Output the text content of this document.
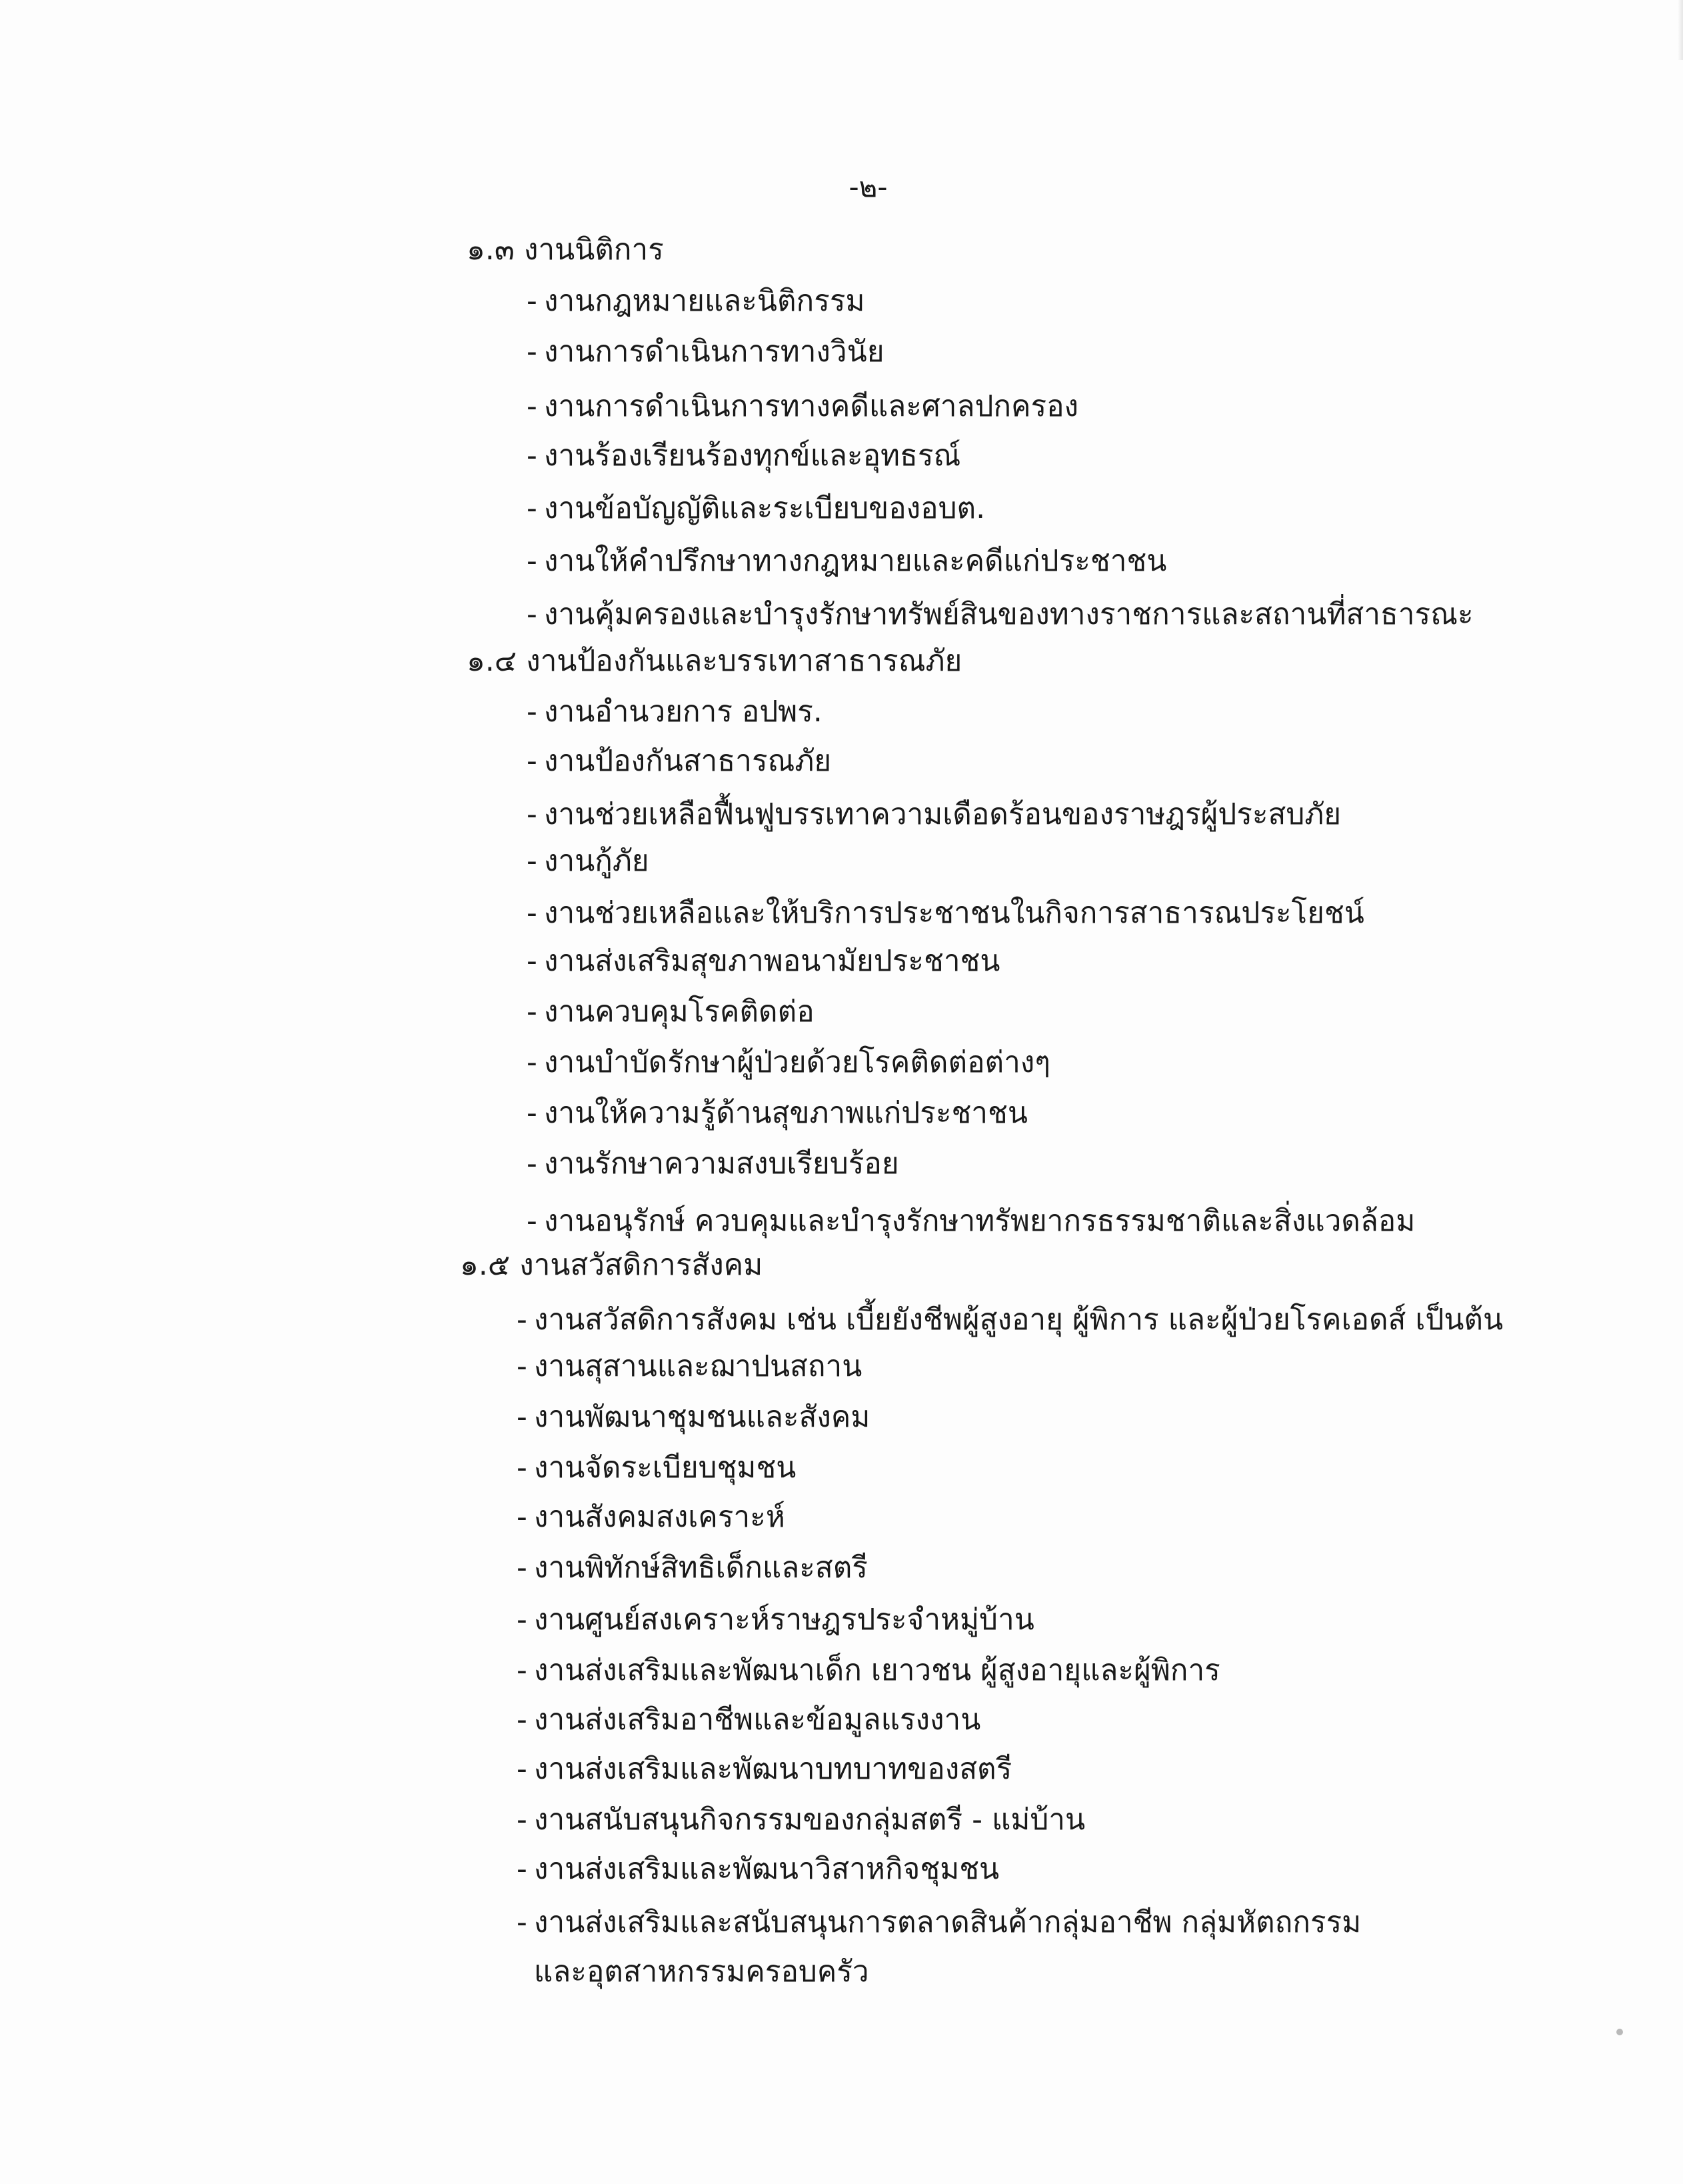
-๒-
๑.๓ งานนิติการ
- งานกฎหมายและนิติกรรม
- งานการดำเนินการทางวินัย
- งานการดำเนินการทางคดีและศาลปกครอง
- งานร้องเรียนร้องทุกข์และอุทธรณ์
- งานข้อบัญญัติและระเบียบของอบต.
- งานให้คำปรึกษาทางกฎหมายและคดีแก่ประชาชน
- งานคุ้มครองและบำรุงรักษาทรัพย์สินของทางราชการและสถานที่สาธารณะ
๑.๔ งานป้องกันและบรรเทาสาธารณภัย
- งานอำนวยการ อปพร.
- งานป้องกันสาธารณภัย
- งานช่วยเหลือฟื้นฟูบรรเทาความเดือดร้อนของราษฎรผู้ประสบภัย
- งานกู้ภัย
- งานช่วยเหลือและให้บริการประชาชนในกิจการสาธารณประโยชน์
- งานส่งเสริมสุขภาพอนามัยประชาชน
- งานควบคุมโรคติดต่อ
- งานบำบัดรักษาผู้ป่วยด้วยโรคติดต่อต่างๆ
- งานให้ความรู้ด้านสุขภาพแก่ประชาชน
- งานรักษาความสงบเรียบร้อย
- งานอนุรักษ์ ควบคุมและบำรุงรักษาทรัพยากรธรรมชาติและสิ่งแวดล้อม
๑.๕ งานสวัสดิการสังคม
- งานสวัสดิการสังคม เช่น เบี้ยยังชีพผู้สูงอายุ ผู้พิการ และผู้ป่วยโรคเอดส์ เป็นต้น
- งานสุสานและฌาปนสถาน
- งานพัฒนาชุมชนและสังคม
- งานจัดระเบียบชุมชน
- งานสังคมสงเคราะห์
- งานพิทักษ์สิทธิเด็กและสตรี
- งานศูนย์สงเคราะห์ราษฎรประจำหมู่บ้าน
- งานส่งเสริมและพัฒนาเด็ก เยาวชน ผู้สูงอายุและผู้พิการ
- งานส่งเสริมอาชีพและข้อมูลแรงงาน
- งานส่งเสริมและพัฒนาบทบาทของสตรี
- งานสนับสนุนกิจกรรมของกลุ่มสตรี - แม่บ้าน
- งานส่งเสริมและพัฒนาวิสาหกิจชุมชน
- งานส่งเสริมและสนับสนุนการตลาดสินค้ากลุ่มอาชีพ กลุ่มหัตถกรรม
และอุตสาหกรรมครอบครัว
